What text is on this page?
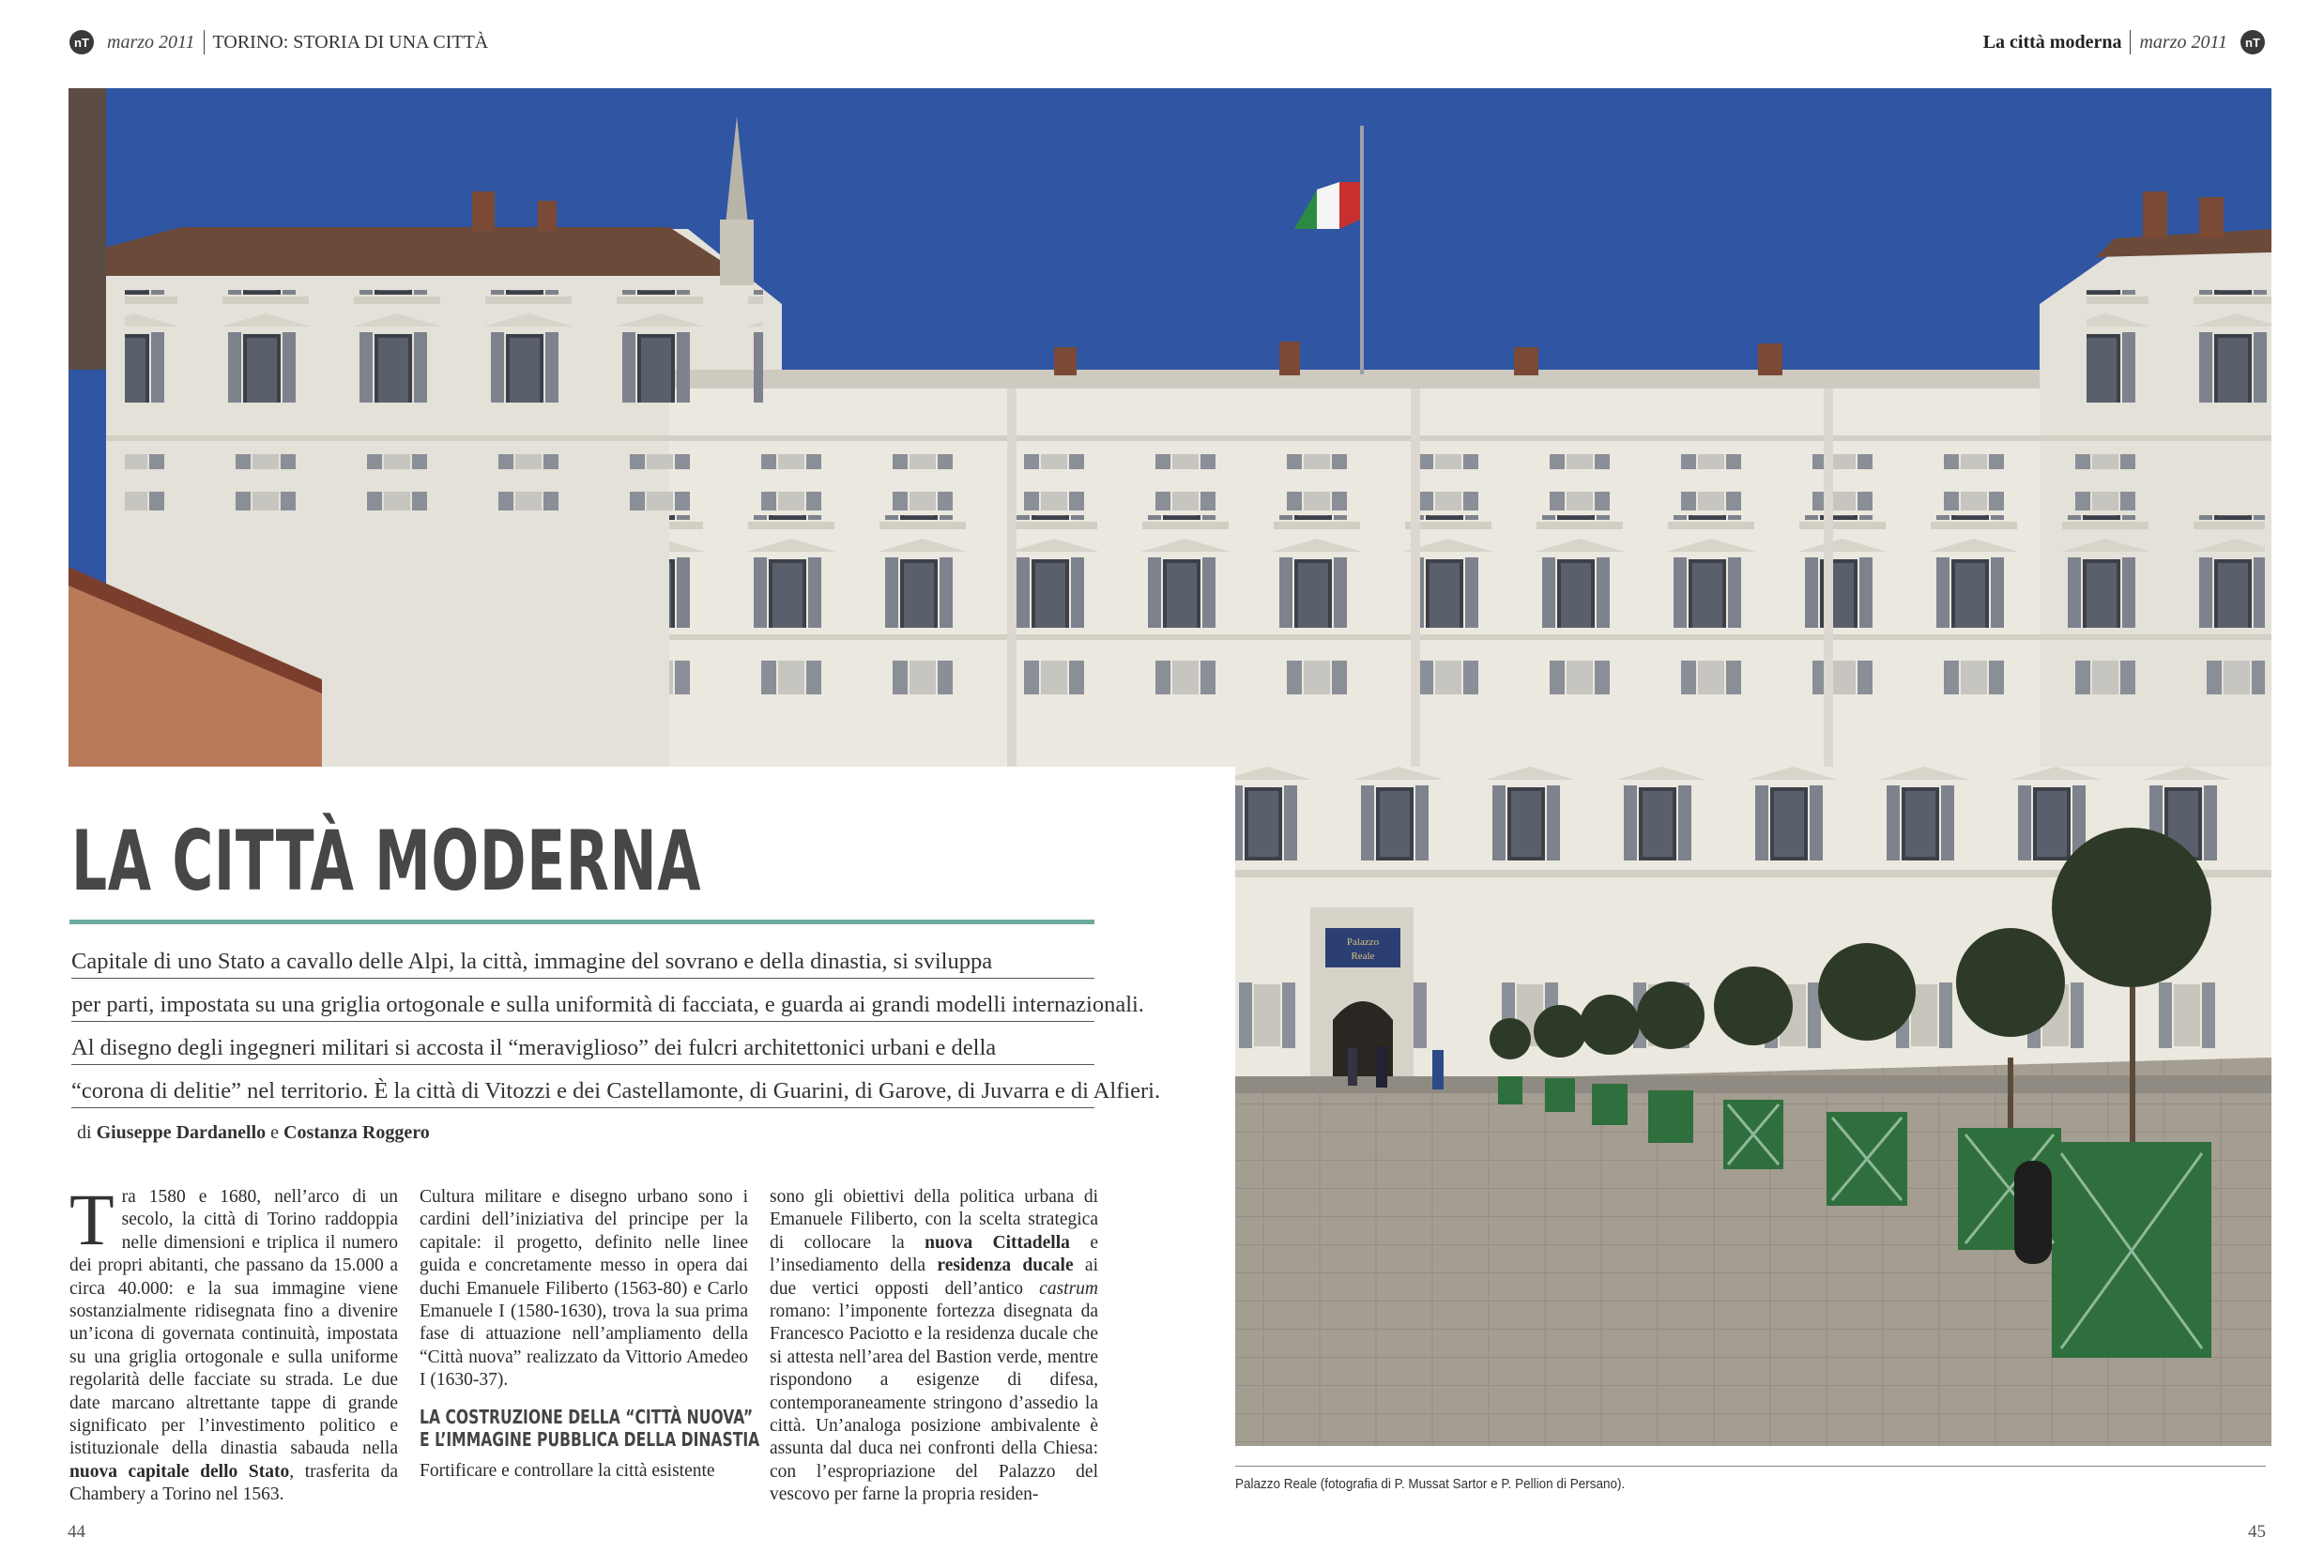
nT marzo 2011 TORINO: STORIA DI UNA CITTÀ	La città moderna marzo 2011	nT
Palazzo
Reale
LA CITTÀ MODERNA
Capitale di uno Stato a cavallo delle Alpi, la città, immagine del sovrano e della dinastia, si sviluppa
per parti, impostata su una griglia ortogonale e sulla uniformità di facciata, e guarda ai grandi modelli internazionali.
Al disegno degli ingegneri militari si accosta il “meraviglioso” dei fulcri architettonici urbani e della
“corona di delitie” nel territorio. È la città di Vitozzi e dei Castellamonte, di Guarini, di Garove, di Juvarra e di Alfieri.
di Giuseppe Dardanello e Costanza Roggero

Tra 1580 e 1680, nell’arco di un secolo, la città di Torino raddoppia nelle dimensioni e triplica il numero dei propri abitanti, che passano da 15.000 a circa 40.000: e la sua immagine viene sostanzialmente ridisegnata fino a divenire un’icona di governata continuità, impostata su una griglia ortogonale e sulla uniforme regolarità delle facciate su strada. Le due date marcano altrettante tappe di grande significato per l’investimento politico e istituzionale della dinastia sabauda nella nuova capitale dello Stato, trasferita da Chambery a Torino nel 1563.

Cultura militare e disegno urbano sono i cardini dell’iniziativa del principe per la capitale: il progetto, definito nelle linee guida e concretamente messo in opera dai duchi Emanuele Filiberto (1563-80) e Carlo Emanuele I (1580-1630), trova la sua prima fase di attuazione nell’ampliamento della “Città nuova” realizzato da Vittorio Amedeo I (1630-37).

LA COSTRUZIONE DELLA “CITTÀ NUOVA”
E L’IMMAGINE PUBBLICA DELLA DINASTIA

Fortificare e controllare la città esistente

sono gli obiettivi della politica urbana di Emanuele Filiberto, con la scelta strategica di collocare la nuova Cittadella e l’insediamento della residenza ducale ai due vertici opposti dell’antico castrum romano: l’imponente fortezza disegnata da Francesco Paciotto e la residenza ducale che si attesta nell’area del Bastion verde, mentre rispondono a esigenze di difesa, contemporaneamente stringono d’assedio la città. Un’analoga posizione ambivalente è assunta dal duca nei confronti della Chiesa: con l’espropriazione del Palazzo del vescovo per farne la propria residen-

Palazzo Reale (fotografia di P. Mussat Sartor e P. Pellion di Persano).
44	45
